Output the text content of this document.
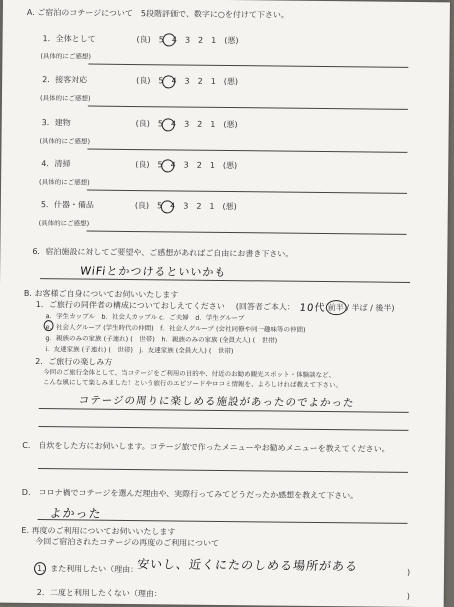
A. ご宿泊のコテージについて　5段階評価で、数字に○を付けて下さい。
1．全体として	(良)　5　4　3　2　1　(悪)
(具体的にご感想)
2．接客対応	(良)　5　4　3　2　1　(悪)
(具体的にご感想)
3．建物	(良)　5　4　3　2　1　(悪)
(具体的にご感想)
4．清掃	(良)　5　4　3　2　1　(悪)
(具体的にご感想)
5．什器・備品	(良)　5　4　3　2　1　(悪)
(具体的にご感想)
6．宿泊施設に対してご要望や、ご感想があればご自由にお書き下さい。
WiFiとかつけるといいかも
B. お客様ご自身についてお伺いいたします
1．ご旅行の同伴者の構成についておしえてください (回答者ご本人： 10代 前半 / 半ば / 後半)
a．学生カップル　b．社会人カップル c．ご夫婦　d．学生グループ
e．社会人グループ (学生時代の仲間)　f．社会人グループ (会社同僚や同一趣味等の仲間)
g．親族のみの家族 (子連れ) (　世帯)　h．親族のみの家族 (全員大人) (　世帯)
i．友達家族 (子連れ) (　世帯)　j．友達家族 (全員大人) (　世帯)
2．ご旅行の楽しみ方
今回のご旅行全体として、当コテージをご利用の目的や、付近のお勧め観光スポット・体験談など、
こんな風にして楽しみました！という旅行のエピソードやロコミ情報を、よろしければ教えて下さい。
コテージの周りに楽しめる施設があったのでよかった
C.　自炊をした方にお伺いします。コテージ旅で作ったメニューやお勧めメニューを教えてください。
D.　コロナ禍でコテージを選んだ理由や、実際行ってみてどうだったか感想を教えて下さい。
よかった
E. 再度のご利用についてお伺いいたします
今回ご宿泊されたコテージの再度のご利用について
1．また利用したい（理由：
安いし、近くにたのしめる場所がある	)
2．二度と利用したくない（理由：	)
